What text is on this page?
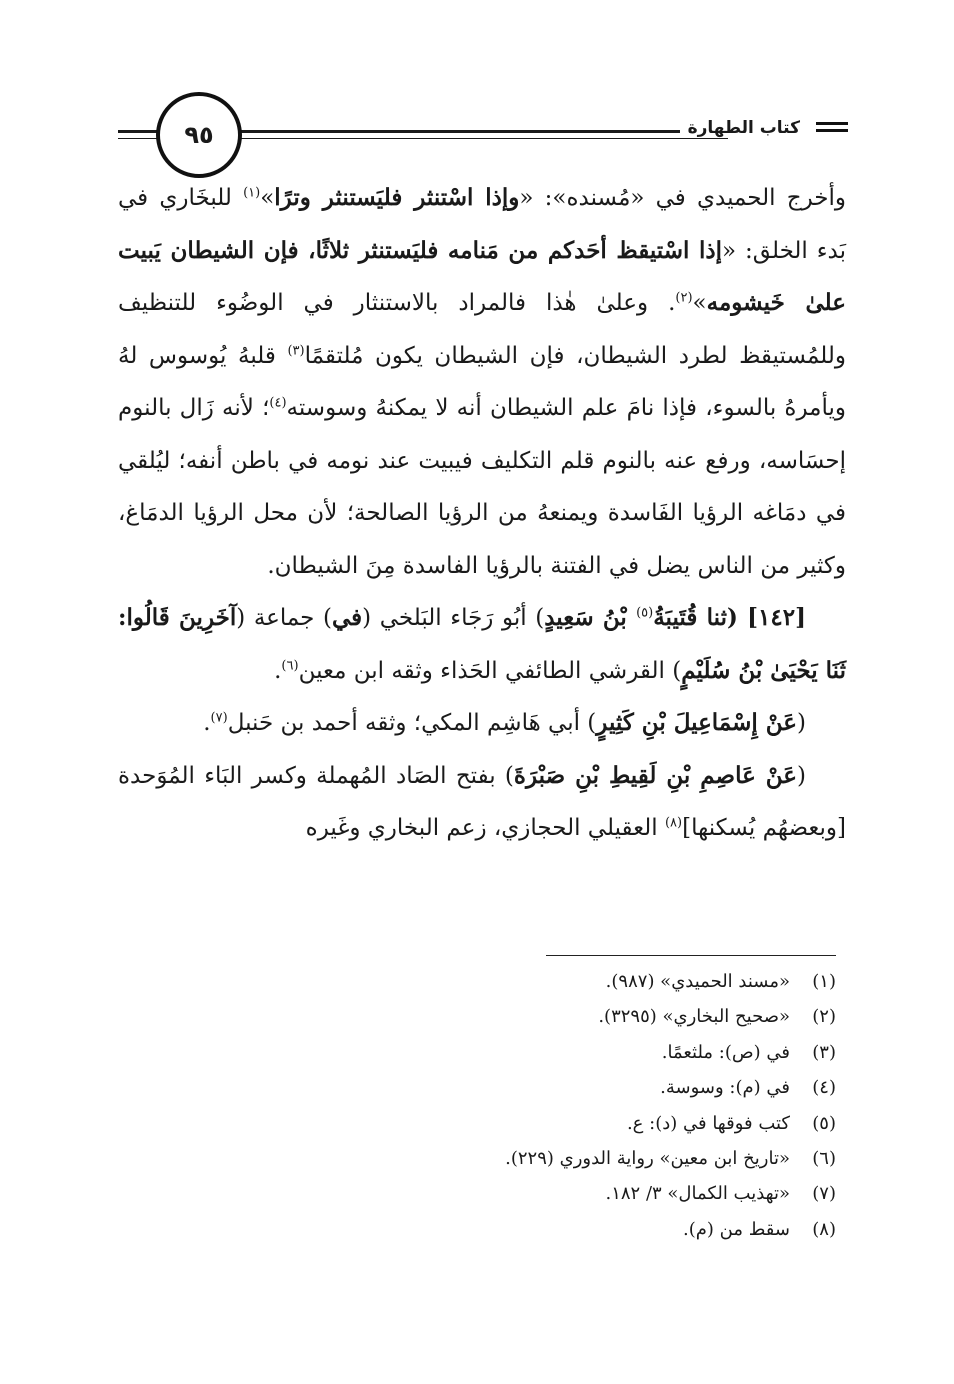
٩٥	كتاب الطهارة

وأخرج الحميدي في «مُسنده»: «وإذا اسْتنثر فليَستنثر وترًا»$^{(١)}$ للبخَاري في بَدء الخلق: «إذا اسْتيقظ أحَدكم من مَنامه فليَستنثر ثلاثًا، فإن الشيطان يَبيت علىٰ خَيشومه»$^{(٢)}$. وعلىٰ هٰذا فالمراد بالاستنثار في الوضُوء للتنظيف وللمُستيقظ لطرد الشيطان، فإن الشيطان يكون مُلتقمًا$^{(٣)}$ قلبهُ يُوسوس لهُ ويأمرهُ بالسوء، فإذا نامَ علم الشيطان أنه لا يمكنهُ وسوسته$^{(٤)}$؛ لأنه زَال بالنوم إحسَاسه، ورفع عنه بالنوم قلم التكليف فيبيت عند نومه في باطن أنفه؛ ليُلقي في دمَاغه الرؤيا الفَاسدة ويمنعهُ من الرؤيا الصالحة؛ لأن محل الرؤيا الدمَاغ، وكثير من الناس يضل في الفتنة بالرؤيا الفاسدة مِنَ الشيطان.

[١٤٢] (ثنا قُتَيبَةُ$^{(٥)}$ بْنُ سَعِيدٍ) أبُو رَجَاء البَلخي (في) جماعة (آخَرِينَ قَالُوا: ثَنَا يَحْيَىٰ بْنُ سُلَيْمٍ) القرشي الطائفي الحَذاء وثقه ابن معين$^{(٦)}$.

(عَنْ إِسْمَاعِيلَ بْنِ كَثِيرٍ) أبي هَاشِم المكي؛ وثقه أحمد بن حَنبل$^{(٧)}$.

(عَنْ عَاصِمِ بْنِ لَقِيطِ بْنِ صَبْرَةَ) بفتح الصَاد المُهملة وكسر البَاء المُوَحدة [وبعضهُم يُسكنها]$^{(٨)}$ العقيلي الحجازي، زعم البخاري وغَيره

(١)
«مسند الحميدي» (٩٨٧).
(٢)
«صحيح البخاري» (٣٢٩٥).
(٣)
في (ص): ملثعمًا.
(٤)
في (م): وسوسة.
(٥)
كتب فوقها في (د): ع.
(٦)
«تاريخ ابن معين» رواية الدوري (٢٢٩).
(٧)
«تهذيب الكمال» ٣/ ١٨٢.
(٨)
سقط من (م).
